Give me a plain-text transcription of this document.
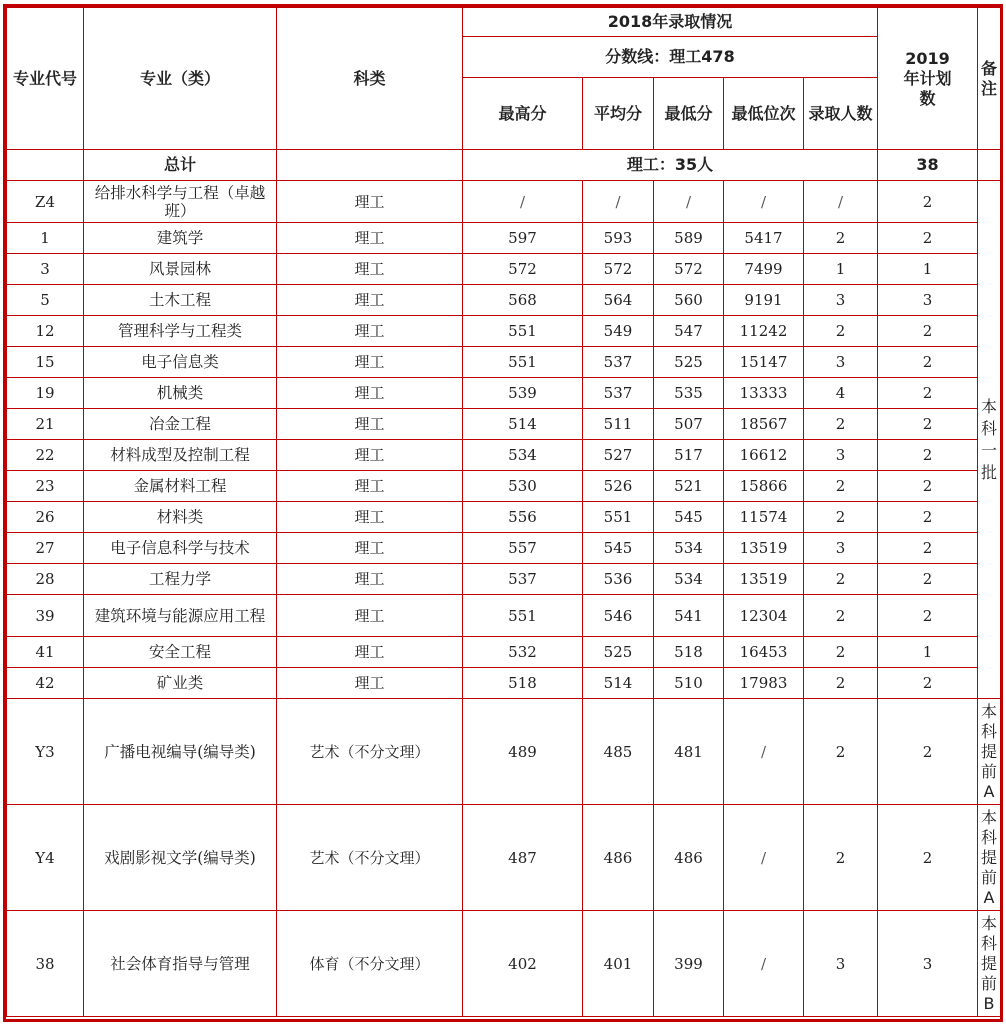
专业代号	专业（类）	科类	2018年录取情况					2019年计划数	备注
			分数线：理工478						
			最高分	平均分	最低分	最低位次	录取人数		
	总计		理工：35人					38	
Z4	给排水科学与工程（卓越班）	理工	/	/	/	/	/	2	本科一批
1	建筑学	理工	597	593	589	5417	2	2	
3	风景园林	理工	572	572	572	7499	1	1	
5	土木工程	理工	568	564	560	9191	3	3	
12	管理科学与工程类	理工	551	549	547	11242	2	2	
15	电子信息类	理工	551	537	525	15147	3	2	
19	机械类	理工	539	537	535	13333	4	2	
21	冶金工程	理工	514	511	507	18567	2	2	
22	材料成型及控制工程	理工	534	527	517	16612	3	2	
23	金属材料工程	理工	530	526	521	15866	2	2	
26	材料类	理工	556	551	545	11574	2	2	
27	电子信息科学与技术	理工	557	545	534	13519	3	2	
28	工程力学	理工	537	536	534	13519	2	2	
39	建筑环境与能源应用工程	理工	551	546	541	12304	2	2	
41	安全工程	理工	532	525	518	16453	2	1	
42	矿业类	理工	518	514	510	17983	2	2	
Y3	广播电视编导(编导类)	艺术（不分文理）	489	485	481	/	2	2	本科提前A
Y4	戏剧影视文学(编导类)	艺术（不分文理）	487	486	486	/	2	2	本科提前A
38	社会体育指导与管理	体育（不分文理）	402	401	399	/	3	3	本科提前B
